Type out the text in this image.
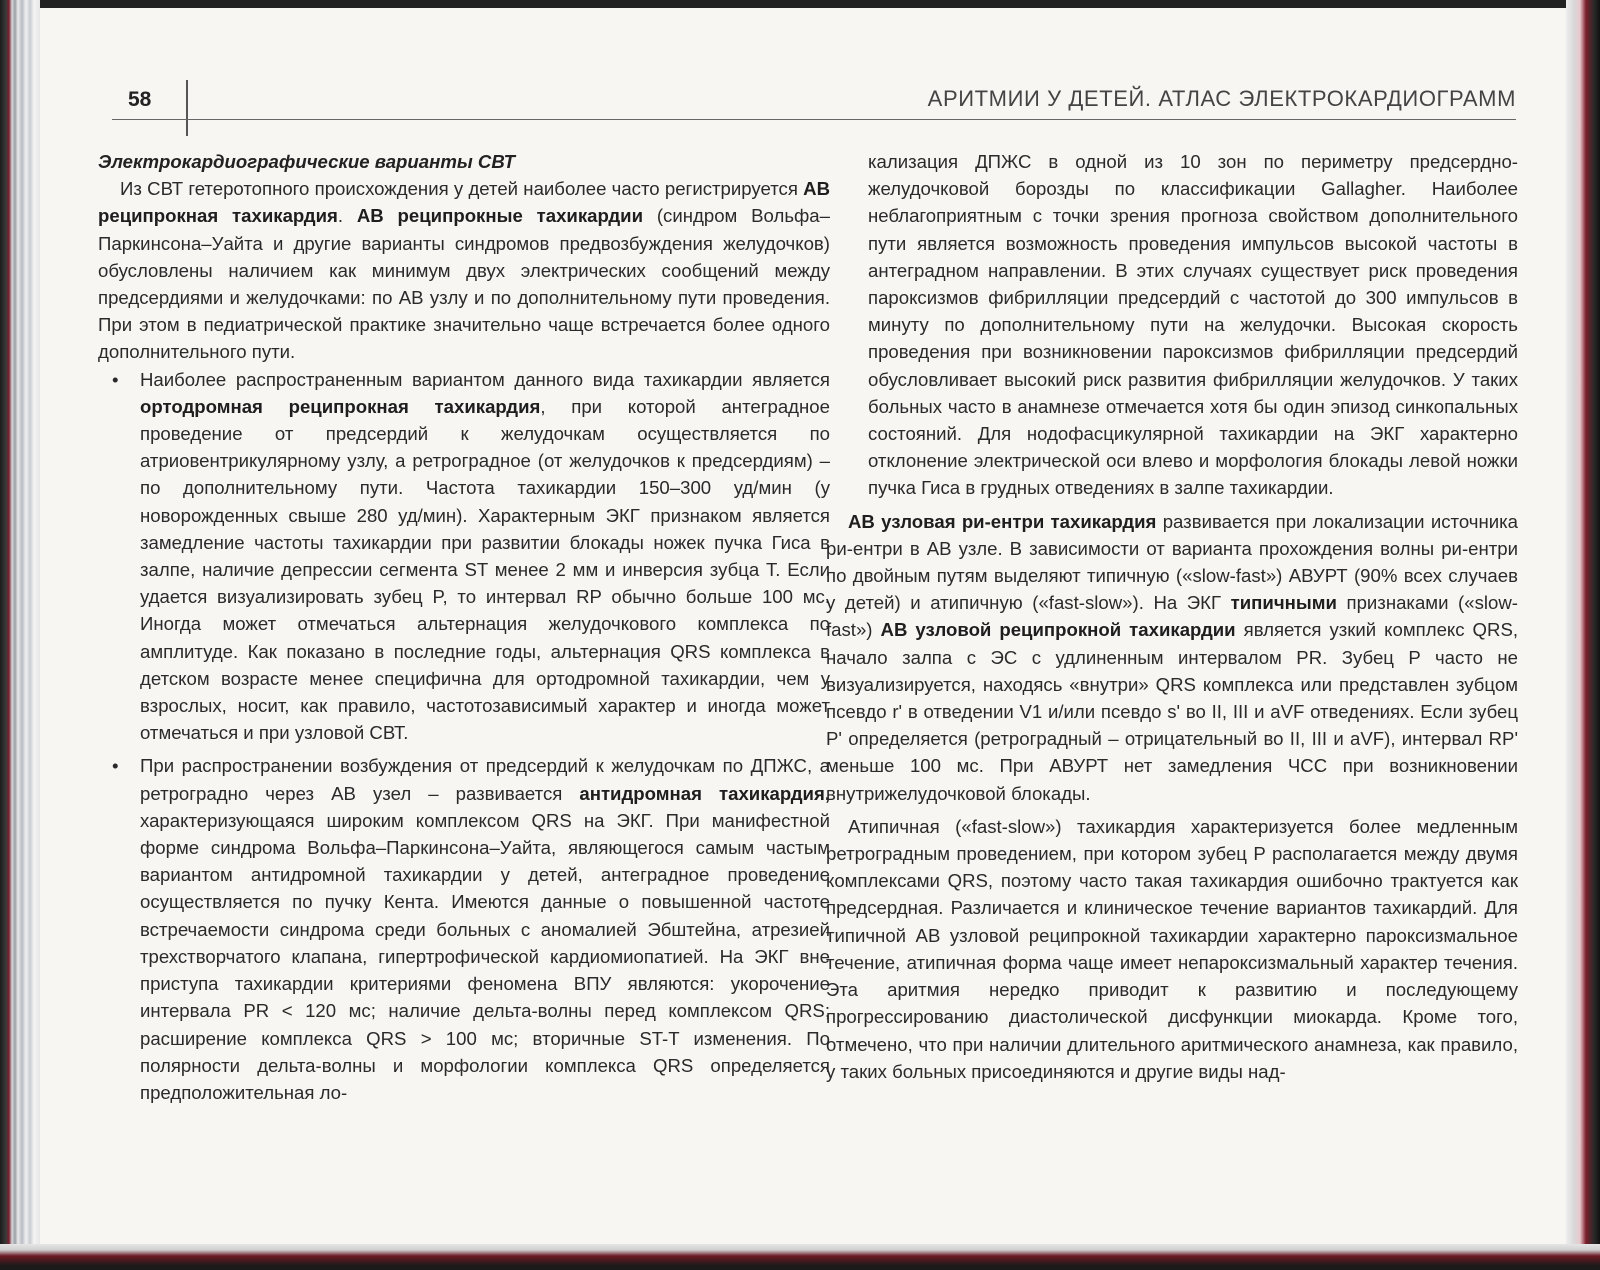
58	АРИТМИИ У ДЕТЕЙ. АТЛАС ЭЛЕКТРОКАРДИОГРАММ

Электрокардиографические варианты СВТ

Из СВТ гетеротопного происхождения у детей наиболее часто регистрируется АВ реципрокная тахикардия. АВ реципрокные тахикардии (синдром Вольфа–Паркинсона–Уайта и другие варианты синдромов предвозбуждения желудочков) обусловлены наличием как минимум двух электрических сообщений между предсердиями и желудочками: по АВ узлу и по дополнительному пути проведения. При этом в педиатрической практике значительно чаще встречается более одного дополнительного пути.

• Наиболее распространенным вариантом данного вида тахикардии является ортодромная реципрокная тахикардия, при которой антеградное проведение от предсердий к желудочкам осуществляется по атриовентрикулярному узлу, а ретроградное (от желудочков к предсердиям) – по дополнительному пути. Частота тахикардии 150–300 уд/мин (у новорожденных свыше 280 уд/мин). Характерным ЭКГ признаком является замедление частоты тахикардии при развитии блокады ножек пучка Гиса в залпе, наличие депрессии сегмента ST менее 2 мм и инверсия зубца T. Если удается визуализировать зубец P, то интервал RP обычно больше 100 мс. Иногда может отмечаться альтернация желудочкового комплекса по амплитуде. Как показано в последние годы, альтернация QRS комплекса в детском возрасте менее специфична для ортодромной тахикардии, чем у взрослых, носит, как правило, частотозависимый характер и иногда может отмечаться и при узловой СВТ.
• При распространении возбуждения от предсердий к желудочкам по ДПЖС, а ретроградно через АВ узел – развивается антидромная тахикардия, характеризующаяся широким комплексом QRS на ЭКГ. При манифестной форме синдрома Вольфа–Паркинсона–Уайта, являющегося самым частым вариантом антидромной тахикардии у детей, антеградное проведение осуществляется по пучку Кента. Имеются данные о повышенной частоте встречаемости синдрома среди больных с аномалией Эбштейна, атрезией трехстворчатого клапана, гипертрофической кардиомиопатией. На ЭКГ вне приступа тахикардии критериями феномена ВПУ являются: укорочение интервала PR < 120 мс; наличие дельта-волны перед комплексом QRS; расширение комплекса QRS > 100 мс; вторичные ST-T изменения. По полярности дельта-волны и морфологии комплекса QRS определяется предположительная ло-

кализация ДПЖС в одной из 10 зон по периметру предсердно-желудочковой борозды по классификации Gallagher. Наиболее неблагоприятным с точки зрения прогноза свойством дополнительного пути является возможность проведения импульсов высокой частоты в антеградном направлении. В этих случаях существует риск проведения пароксизмов фибрилляции предсердий с частотой до 300 импульсов в минуту по дополнительному пути на желудочки. Высокая скорость проведения при возникновении пароксизмов фибрилляции предсердий обусловливает высокий риск развития фибрилляции желудочков. У таких больных часто в анамнезе отмечается хотя бы один эпизод синкопальных состояний. Для нодофасцикулярной тахикардии на ЭКГ характерно отклонение электрической оси влево и морфология блокады левой ножки пучка Гиса в грудных отведениях в залпе тахикардии.

АВ узловая ри-ентри тахикардия развивается при локализации источника ри-ентри в АВ узле. В зависимости от варианта прохождения волны ри-ентри по двойным путям выделяют типичную («slow-fast») АВУРТ (90% всех случаев у детей) и атипичную («fast-slow»). На ЭКГ типичными признаками («slow-fast») АВ узловой реципрокной тахикардии является узкий комплекс QRS, начало залпа с ЭС с удлиненным интервалом PR. Зубец P часто не визуализируется, находясь «внутри» QRS комплекса или представлен зубцом псевдо r' в отведении V1 и/или псевдо s' во II, III и aVF отведениях. Если зубец P' определяется (ретроградный – отрицательный во II, III и aVF), интервал RP' меньше 100 мс. При АВУРТ нет замедления ЧСС при возникновении внутрижелудочковой блокады.

Атипичная («fast-slow») тахикардия характеризуется более медленным ретроградным проведением, при котором зубец P располагается между двумя комплексами QRS, поэтому часто такая тахикардия ошибочно трактуется как предсердная. Различается и клиническое течение вариантов тахикардий. Для типичной АВ узловой реципрокной тахикардии характерно пароксизмальное течение, атипичная форма чаще имеет непароксизмальный характер течения. Эта аритмия нередко приводит к развитию и последующему прогрессированию диастолической дисфункции миокарда. Кроме того, отмечено, что при наличии длительного аритмического анамнеза, как правило, у таких больных присоединяются и другие виды над-
